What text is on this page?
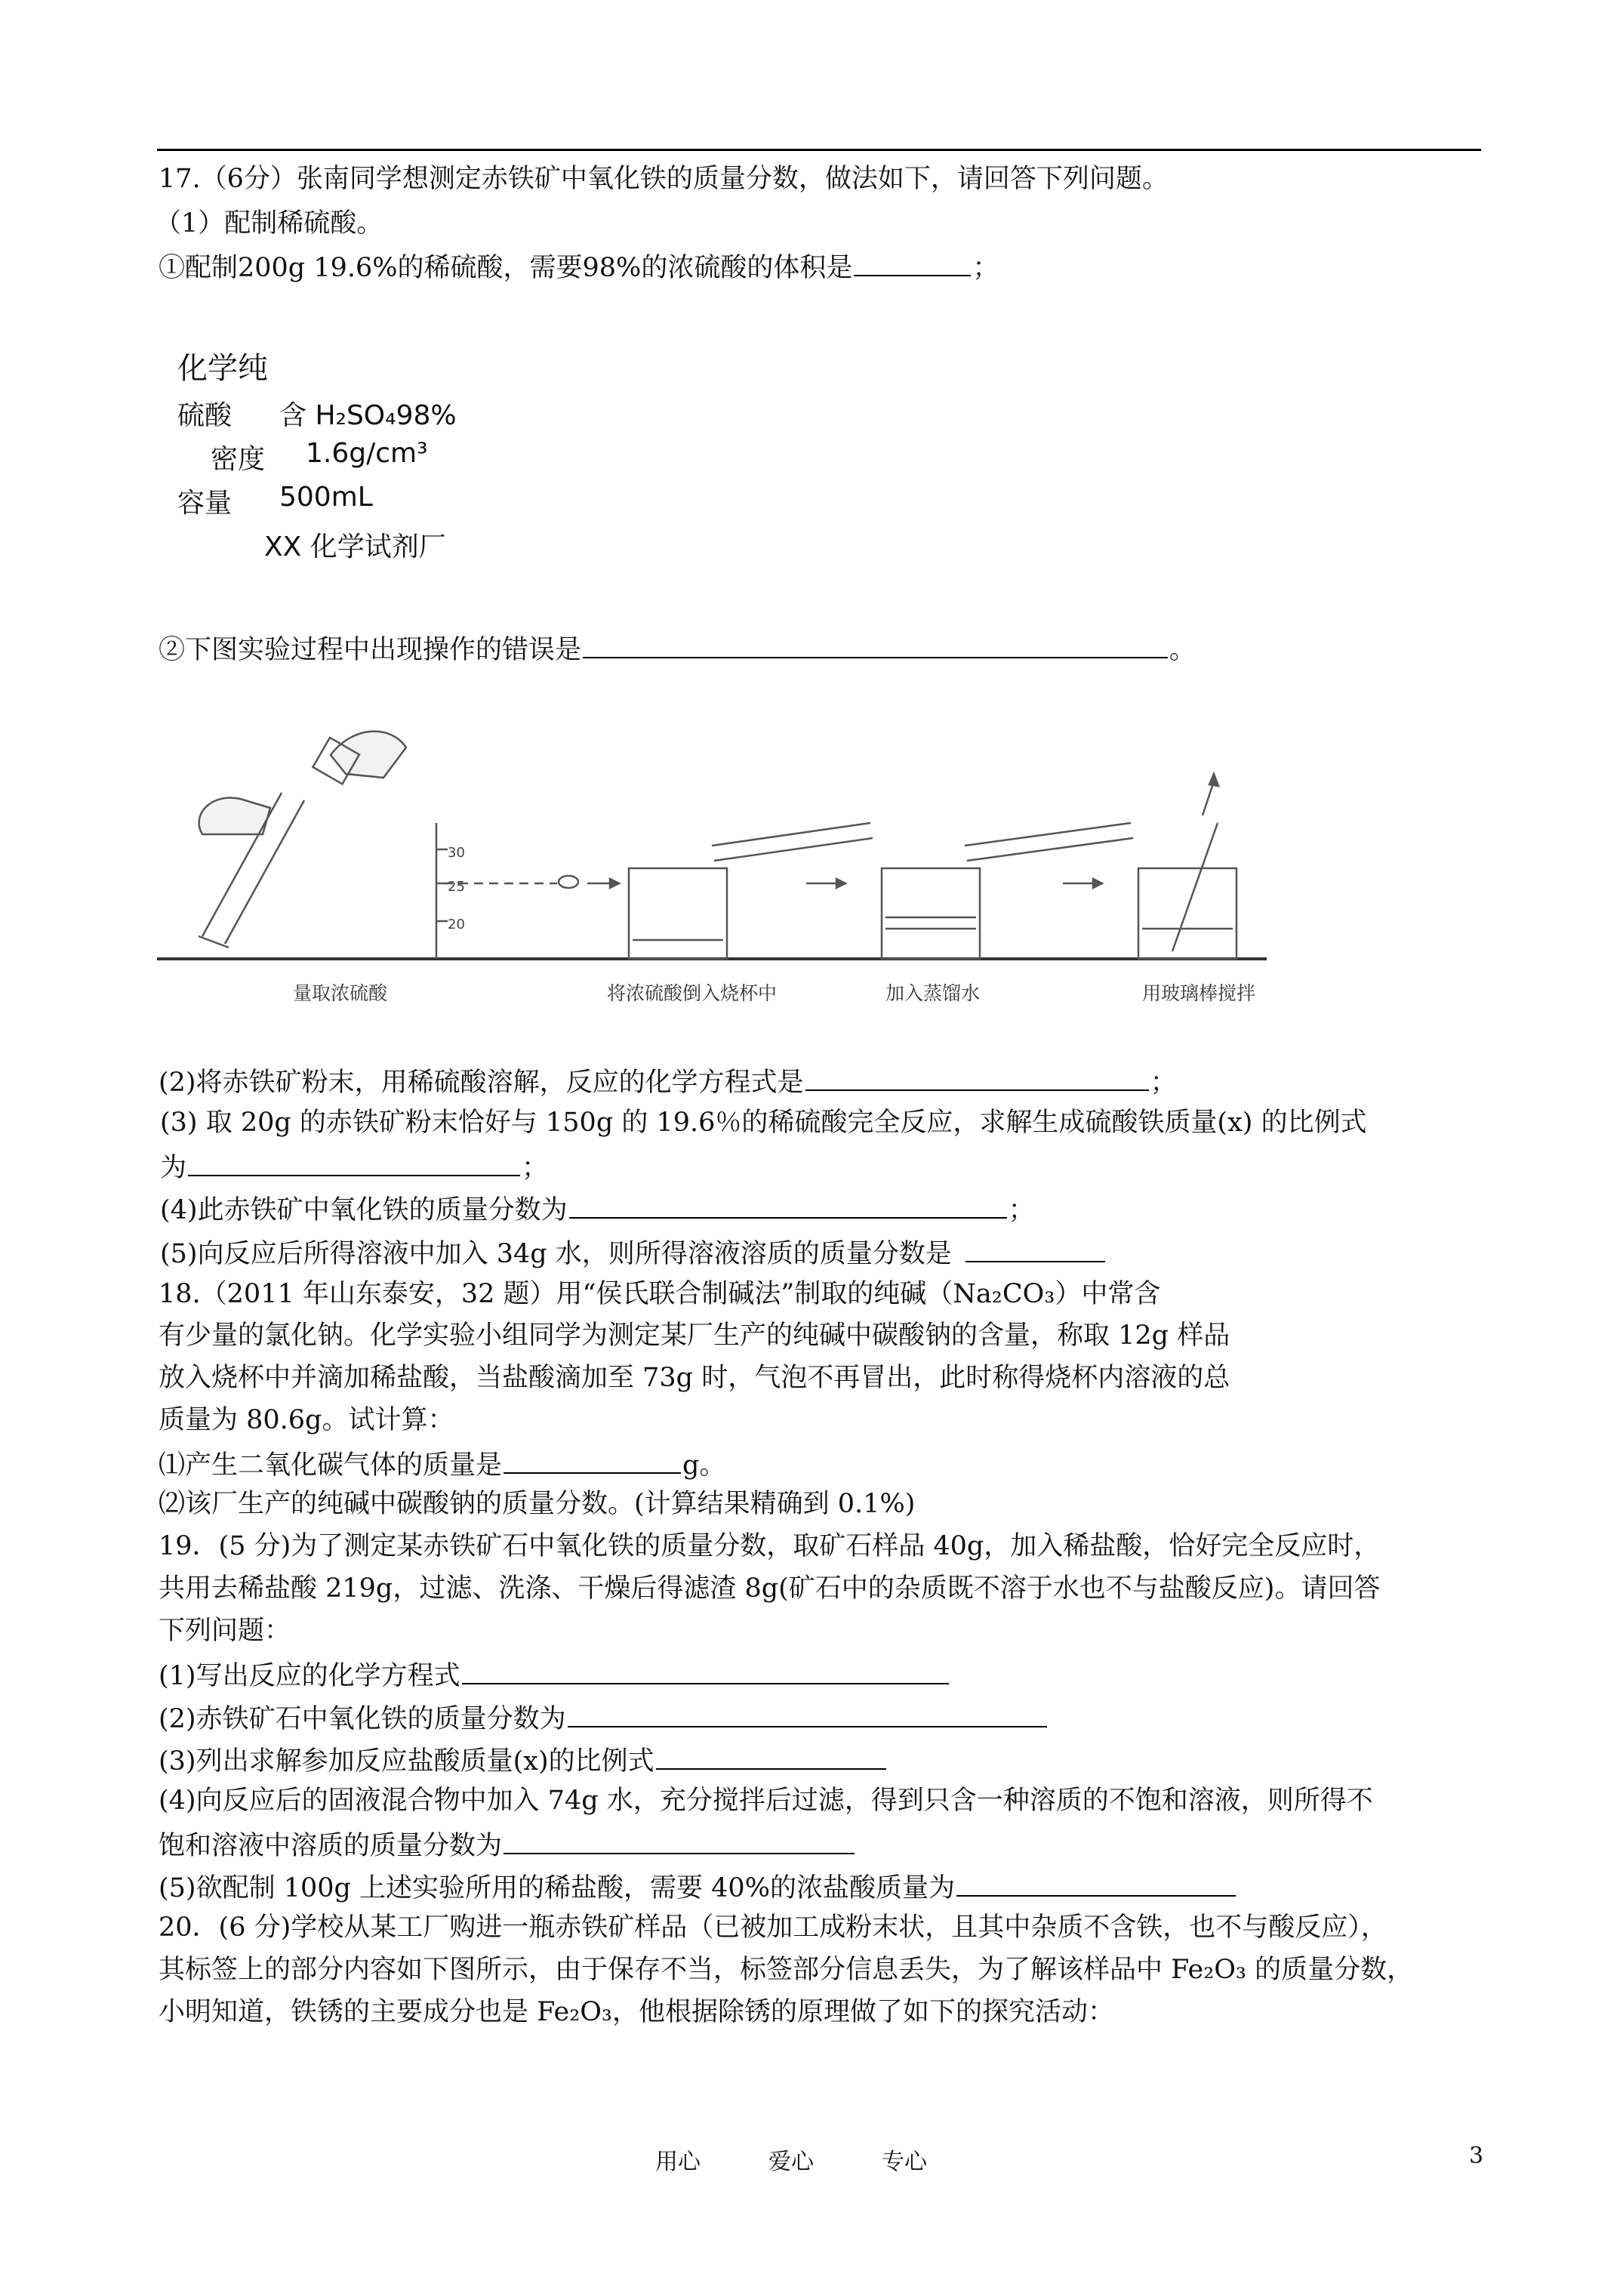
17.（6分）张南同学想测定赤铁矿中氧化铁的质量分数，做法如下，请回答下列问题。
（1）配制稀硫酸。
①配制200g 19.6%的稀硫酸，需要98%的浓硫酸的体积是	；
化学纯
硫酸 含 H₂SO₄98%
密度 1.6g/cm³
容量 500mL
XX 化学试剂厂
②下图实验过程中出现操作的错误是	。
30
25
20
量取浓硫酸	将浓硫酸倒入烧杯中	加入蒸馏水	用玻璃棒搅拌
(2)将赤铁矿粉末，用稀硫酸溶解，反应的化学方程式是	；
(3) 取 20g 的赤铁矿粉末恰好与 150g 的 19.6％的稀硫酸完全反应，求解生成硫酸铁质量(x) 的比例式
为	；
(4)此赤铁矿中氧化铁的质量分数为	；
(5)向反应后所得溶液中加入 34g 水，则所得溶液溶质的质量分数是
18.（2011 年山东泰安，32 题）用“侯氏联合制碱法”制取的纯碱（Na₂CO₃）中常含
有少量的氯化钠。化学实验小组同学为测定某厂生产的纯碱中碳酸钠的含量，称取 12g 样品
放入烧杯中并滴加稀盐酸，当盐酸滴加至 73g 时，气泡不再冒出，此时称得烧杯内溶液的总
质量为 80.6g。试计算：
⑴产生二氧化碳气体的质量是	g。
⑵该厂生产的纯碱中碳酸钠的质量分数。(计算结果精确到 0.1%)
19．(5 分)为了测定某赤铁矿石中氧化铁的质量分数，取矿石样品 40g，加入稀盐酸，恰好完全反应时，
共用去稀盐酸 219g，过滤、洗涤、干燥后得滤渣 8g(矿石中的杂质既不溶于水也不与盐酸反应)。请回答
下列问题：
(1)写出反应的化学方程式
(2)赤铁矿石中氧化铁的质量分数为
(3)列出求解参加反应盐酸质量(x)的比例式
(4)向反应后的固液混合物中加入 74g 水，充分搅拌后过滤，得到只含一种溶质的不饱和溶液，则所得不
饱和溶液中溶质的质量分数为
(5)欲配制 100g 上述实验所用的稀盐酸，需要 40%的浓盐酸质量为
20．(6 分)学校从某工厂购进一瓶赤铁矿样品（已被加工成粉末状，且其中杂质不含铁，也不与酸反应），
其标签上的部分内容如下图所示，由于保存不当，标签部分信息丢失，为了解该样品中 Fe₂O₃ 的质量分数，
小明知道，铁锈的主要成分也是 Fe₂O₃，他根据除锈的原理做了如下的探究活动：
用心	爱心	专心	3
